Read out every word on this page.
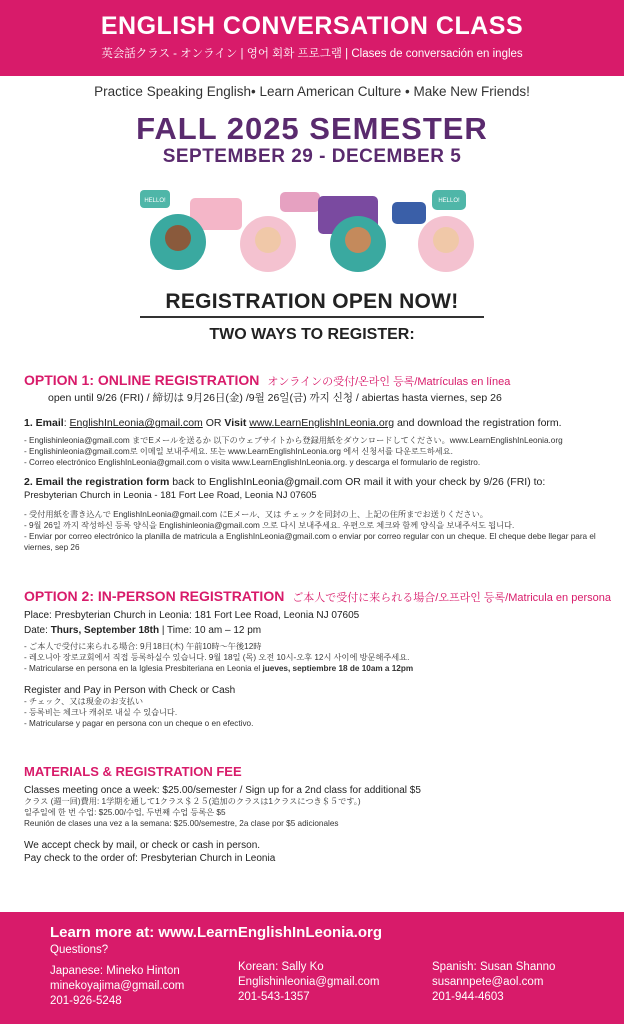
ENGLISH CONVERSATION CLASS
英会話クラス - オンライン | 영어 회화 프로그램 | Clases de conversación en ingles
Practice Speaking English• Learn American Culture • Make New Friends!
FALL 2025 SEMESTER
SEPTEMBER 29 - DECEMBER 5
HELLO!	HELLO!
REGISTRATION OPEN NOW!
TWO WAYS TO REGISTER:
OPTION 1: ONLINE REGISTRATION オンラインの受付/온라인 등록/Matrículas en línea
open until 9/26 (FRI) / 締切は 9月26日(金) /9월 26일(금) 까지 신청 / abiertas hasta viernes, sep 26
1. Email: EnglishInLeonia@gmail.com OR Visit www.LearnEnglishInLeonia.org and download the registration form.
- Englishinleonia@gmail.com までEメールを送るか 以下のウェブサイトから登録用紙をダウンロードしてください。www.LearnEnglishInLeonia.org
- Englishinleonia@gmail.com로 이메일 보내주세요. 또는 www.LearnEnglishInLeonia.org 에서 신청서를 다운로드하세요.
- Correo electrónico EnglishInLeonia@gmail.com o visita www.LearnEnglishInLeonia.org. y descarga el formulario de registro.
2. Email the registration form back to EnglishInLeonia@gmail.com OR mail it with your check by 9/26 (FRI) to:
Presbyterian Church in Leonia - 181 Fort Lee Road, Leonia NJ 07605
- 受付用紙を書き込んで EnglishInLeonia@gmail.com にEメール、又は チェックを同封の上、上記の住所までお送りください。
- 9월 26일 까지 작성하신 등록 양식을 Englishinleonia@gmail.com 으로 다시 보내주세요. 우편으로 체크와 함께 양식을 보내주셔도 됩니다.
- Enviar por correo electrónico la planilla de matricula a EnglishInLeonia@gmail.com o enviar por correo regular con un cheque. El cheque debe llegar para el viernes, sep 26
OPTION 2: IN-PERSON REGISTRATION ご本人で受付に来られる場合/오프라인 등록/Matricula en persona
Place: Presbyterian Church in Leonia: 181 Fort Lee Road, Leonia NJ 07605
Date: Thurs, September 18th | Time: 10 am – 12 pm
- ご本人で受付に来られる場合: 9月18日(木) 午前10時〜午後12時
- 레오니아 장로교회에서 직접 등록하실수 있습니다. 9월 18일 (목) 오전 10시-오후 12시 사이에 방문해주세요.
- Matricularse en persona en la Iglesia Presbiteriana en Leonia el jueves, septiembre 18 de 10am a 12pm
Register and Pay in Person with Check or Cash
- チェック、又は現金のお支払い
- 등록비는 체크나 캐쉬로 내실 수 있습니다.
- Matricularse y pagar en persona con un cheque o en efectivo.
MATERIALS & REGISTRATION FEE
Classes meeting once a week: $25.00/semester / Sign up for a 2nd class for additional $5
クラス (週一回)費用: 1学期を通して1クラス＄２５(追加のクラスは1クラスにつき＄５です。)
일주일에 한 번 수업: $25.00/수업, 두번째 수업 등록은 $5
Reunión de clases una vez a la semana: $25.00/semestre, 2a clase por $5 adicionales
We accept check by mail, or check or cash in person.
Pay check to the order of: Presbyterian Church in Leonia
Learn more at: www.LearnEnglishInLeonia.org
Questions?
Japanese: Mineko Hinton
minekoyajima@gmail.com
201-926-5248
Korean: Sally Ko
Englishinleonia@gmail.com
201-543-1357
Spanish: Susan Shanno
susannpete@aol.com
201-944-4603
